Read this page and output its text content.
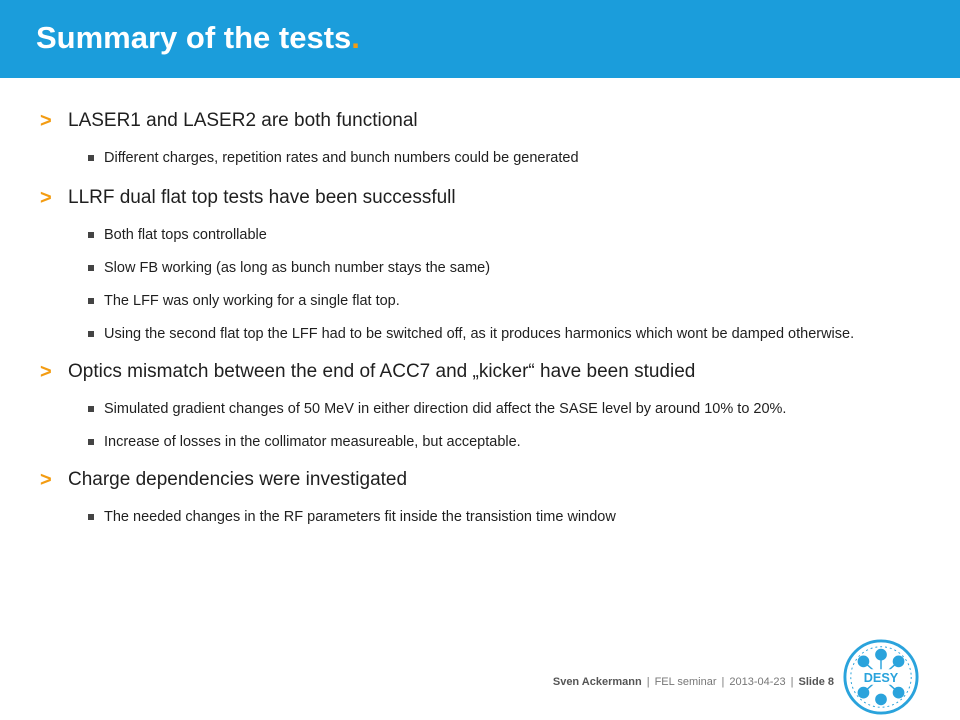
Summary of the tests.
> LASER1 and LASER2 are both functional
Different charges, repetition rates and bunch numbers could be generated
> LLRF dual flat top tests have been successfull
Both flat tops controllable
Slow FB working (as long as bunch number stays the same)
The LFF was only working for a single flat top.
Using the second flat top the LFF had to be switched off, as it produces harmonics which wont be damped otherwise.
> Optics mismatch between the end of ACC7 and „kicker“ have been studied
Simulated gradient changes of 50 MeV in either direction did affect the SASE level by around 10% to 20%.
Increase of losses in the collimator measureable, but acceptable.
> Charge dependencies were investigated
The needed changes in the RF parameters fit inside the transistion time window
Sven Ackermann | FEL seminar | 2013-04-23 | Slide 8 DESY
